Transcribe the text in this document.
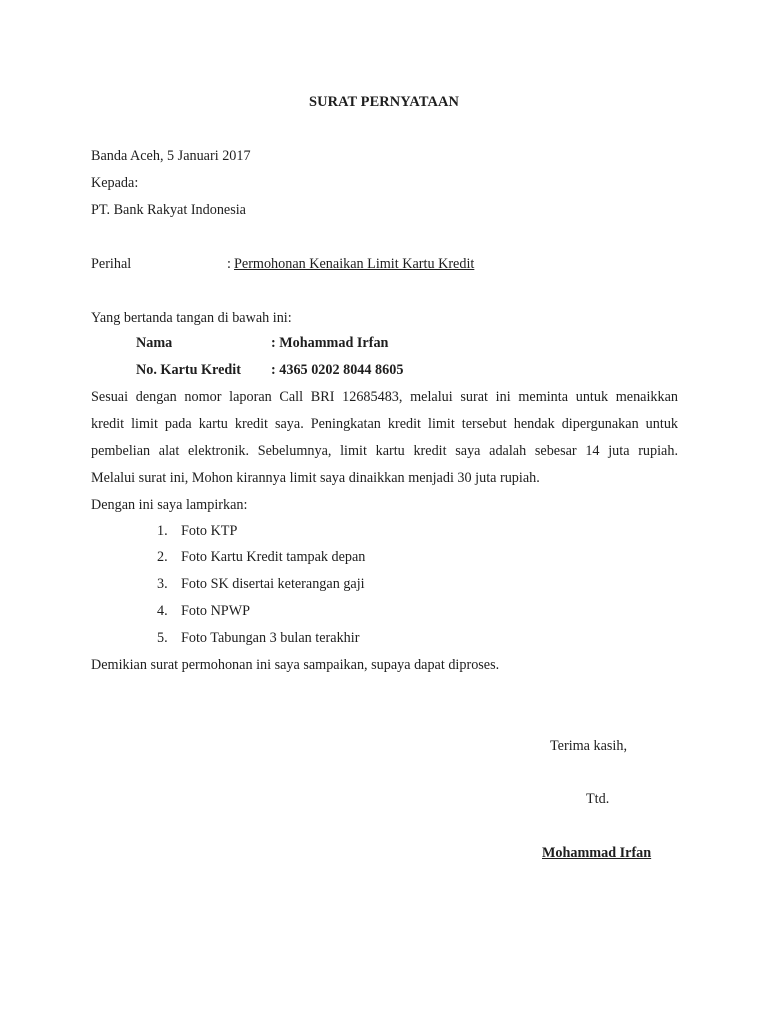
SURAT PERNYATAAN
Banda Aceh, 5 Januari 2017
Kepada:
PT. Bank Rakyat Indonesia
Perihal	: Permohonan Kenaikan Limit Kartu Kredit
Yang bertanda tangan di bawah ini:
Nama	: Mohammad Irfan
No. Kartu Kredit : 4365 0202 8044 8605
Sesuai dengan nomor laporan Call BRI 12685483, melalui surat ini meminta untuk menaikkan
kredit limit pada kartu kredit saya. Peningkatan kredit limit tersebut hendak dipergunakan untuk
pembelian alat elektronik. Sebelumnya, limit kartu kredit saya adalah sebesar 14 juta rupiah.
Melalui surat ini, Mohon kirannya limit saya dinaikkan menjadi 30 juta rupiah.
Dengan ini saya lampirkan:
1. Foto KTP
2. Foto Kartu Kredit tampak depan
3. Foto SK disertai keterangan gaji
4. Foto NPWP
5. Foto Tabungan 3 bulan terakhir
Demikian surat permohonan ini saya sampaikan, supaya dapat diproses.
Terima kasih,
Ttd.
Mohammad Irfan
